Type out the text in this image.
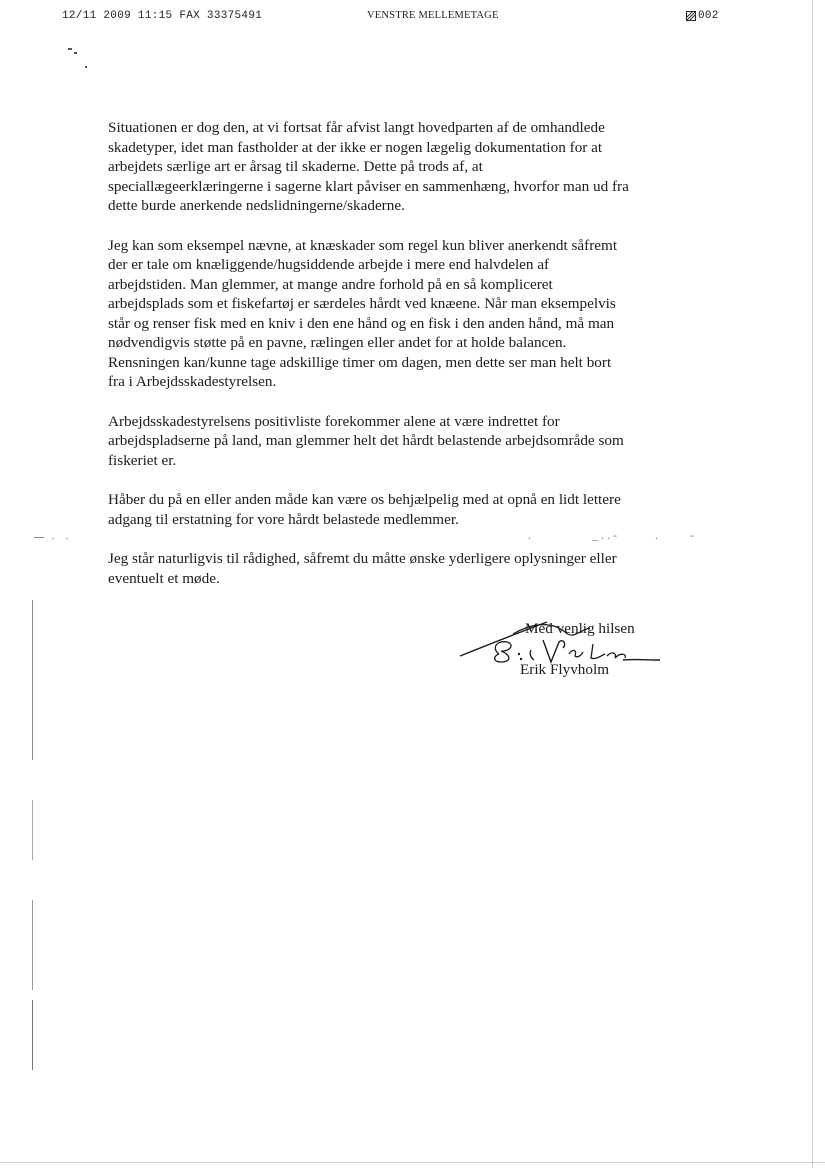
12/11 2009 11:15 FAX 33375491	VENSTRE MELLEMETAGE	002

Situationen er dog den, at vi fortsat får afvist langt hovedparten af de omhandlede
skadetyper, idet man fastholder at der ikke er nogen lægelig dokumentation for at
arbejdets særlige art er årsag til skaderne. Dette på trods af, at
speciallægeerklæringerne i sagerne klart påviser en sammenhæng, hvorfor man ud fra
dette burde anerkende nedslidningerne/skaderne.

Jeg kan som eksempel nævne, at knæskader som regel kun bliver anerkendt såfremt
der er tale om knæliggende/hugsiddende arbejde i mere end halvdelen af
arbejdstiden. Man glemmer, at mange andre forhold på en så kompliceret
arbejdsplads som et fiskefartøj er særdeles hårdt ved knæene. Når man eksempelvis
står og renser fisk med en kniv i den ene hånd og en fisk i den anden hånd, må man
nødvendigvis støtte på en pavne, rælingen eller andet for at holde balancen.
Rensningen kan/kunne tage adskillige timer om dagen, men dette ser man helt bort
fra i Arbejdsskadestyrelsen.

Arbejdsskadestyrelsens positivliste forekommer alene at være indrettet for
arbejdspladserne på land, man glemmer helt det hårdt belastende arbejdsområde som
fiskeriet er.

Håber du på en eller anden måde kan være os behjælpelig med at opnå en lidt lettere
adgang til erstatning for vore hårdt belastede medlemmer.

Jeg står naturligvis til rådighed, såfremt du måtte ønske yderligere oplysninger eller
eventuelt et møde.

.	_ . . -	.	-
Med venlig hilsen
Erik Flyvholm
